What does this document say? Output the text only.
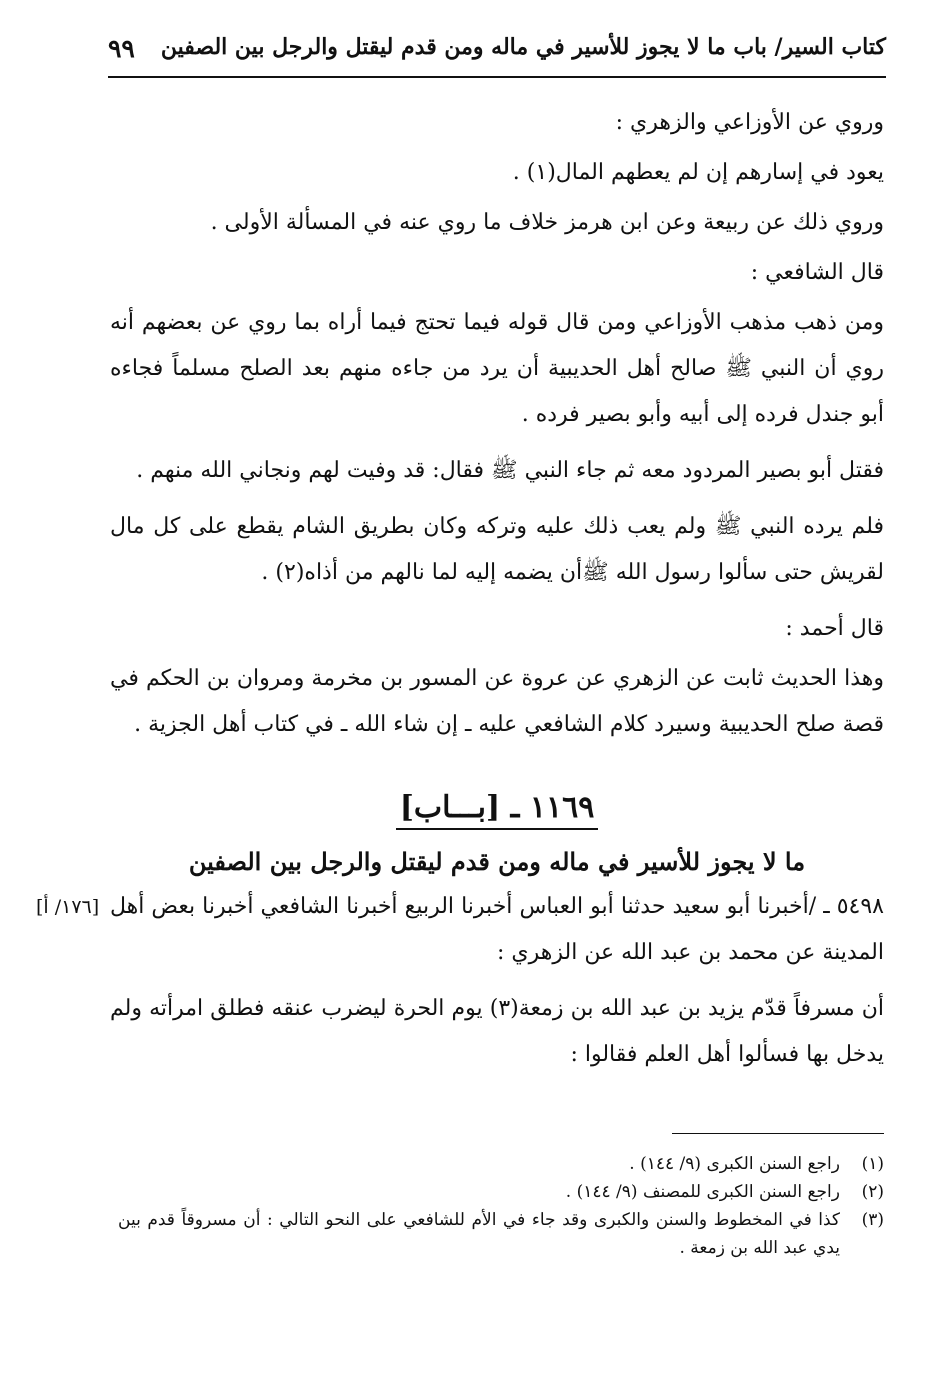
كتاب السير/ باب ما لا يجوز للأسير في ماله ومن قدم ليقتل والرجل بين الصفين
٩٩

وروي عن الأوزاعي والزهري :

يعود في إسارهم إن لم يعطهم المال(١) .

وروي ذلك عن ربيعة وعن ابن هرمز خلاف ما روي عنه في المسألة الأولى .

قال الشافعي :

ومن ذهب مذهب الأوزاعي ومن قال قوله فيما تحتج فيما أراه بما روي عن بعضهم أنه روي أن النبي ﷺ صالح أهل الحديبية أن يرد من جاءه منهم بعد الصلح مسلماً فجاءه أبو جندل فرده إلى أبيه وأبو بصير فرده .

فقتل أبو بصير المردود معه ثم جاء النبي ﷺ فقال: قد وفيت لهم ونجاني الله منهم .

فلم يرده النبي ﷺ ولم يعب ذلك عليه وتركه وكان بطريق الشام يقطع على كل مال لقريش حتى سألوا رسول الله ﷺأن يضمه إليه لما نالهم من أذاه(٢) .

قال أحمد :

وهذا الحديث ثابت عن الزهري عن عروة عن المسور بن مخرمة ومروان بن الحكم في قصة صلح الحديبية وسيرد كلام الشافعي عليه ـ إن شاء الله ـ في كتاب أهل الجزية .

١١٦٩ ـ [بـــاب]
ما لا يجوز للأسير في ماله ومن قدم ليقتل والرجل بين الصفين
[١٧٦/ أ] ٥٤٩٨ ـ /أخبرنا أبو سعيد حدثنا أبو العباس أخبرنا الربيع أخبرنا الشافعي أخبرنا بعض أهل المدينة عن محمد بن عبد الله عن الزهري :

أن مسرفاً قدّم يزيد بن عبد الله بن زمعة(٣) يوم الحرة ليضرب عنقه فطلق امرأته ولم يدخل بها فسألوا أهل العلم فقالوا :

(١)
راجع السنن الكبرى (٩/ ١٤٤) .
(٢)
راجع السنن الكبرى للمصنف (٩/ ١٤٤) .
(٣)
كذا في المخطوط والسنن والكبرى وقد جاء في الأم للشافعي على النحو التالي : أن مسروقاً قدم بين يدي عبد الله بن زمعة .
